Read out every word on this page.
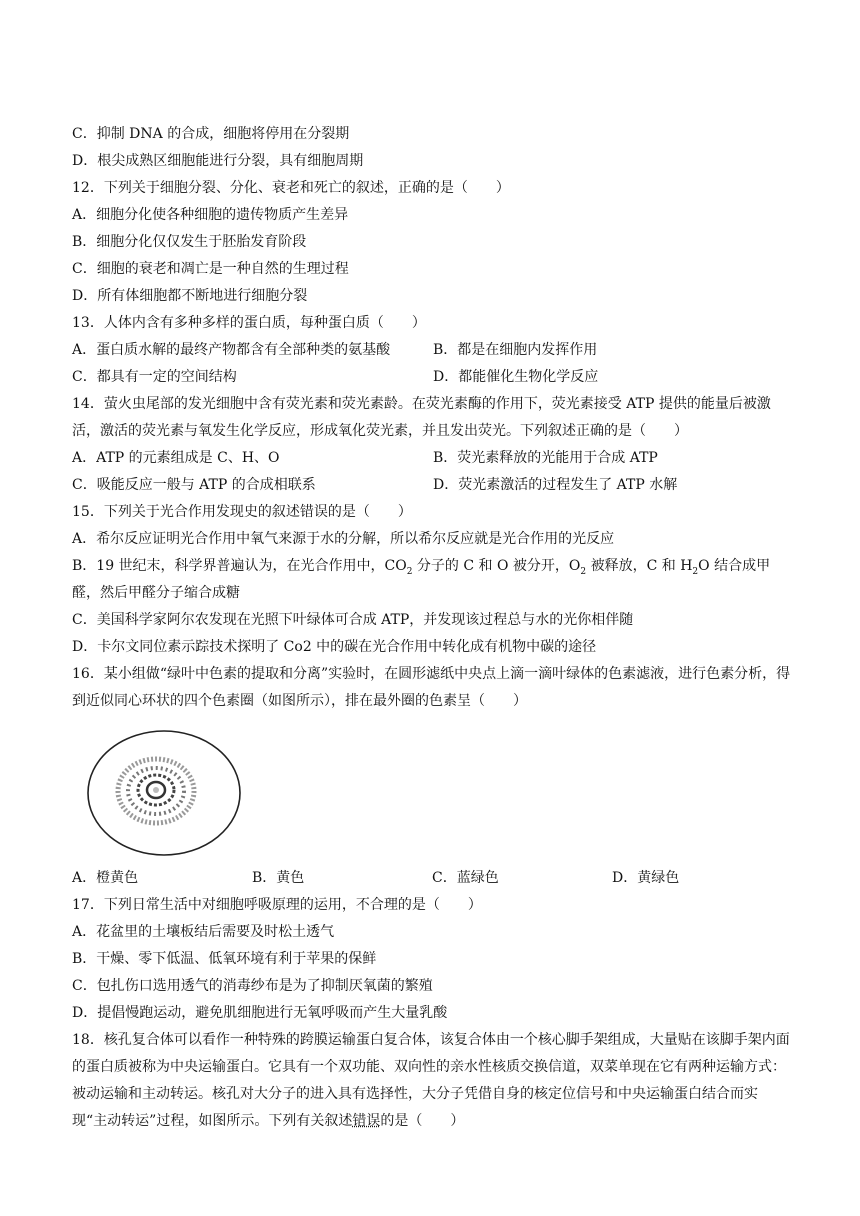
C．抑制 DNA 的合成，细胞将停用在分裂期
D．根尖成熟区细胞能进行分裂，具有细胞周期
12．下列关于细胞分裂、分化、衰老和死亡的叙述，正确的是（　　）
A．细胞分化使各种细胞的遗传物质产生差异
B．细胞分化仅仅发生于胚胎发育阶段
C．细胞的衰老和凋亡是一种自然的生理过程
D．所有体细胞都不断地进行细胞分裂
13．人体内含有多种多样的蛋白质，每种蛋白质（　　）
A．蛋白质水解的最终产物都含有全部种类的氨基酸	B．都是在细胞内发挥作用
C．都具有一定的空间结构	D．都能催化生物化学反应
14．萤火虫尾部的发光细胞中含有荧光素和荧光素龄。在荧光素酶的作用下，荧光素接受 ATP 提供的能量后被激活，激活的荧光素与氧发生化学反应，形成氧化荧光素，并且发出荧光。下列叙述正确的是（　　）
A．ATP 的元素组成是 C、H、O	B．荧光素释放的光能用于合成 ATP
C．吸能反应一般与 ATP 的合成相联系	D．荧光素激活的过程发生了 ATP 水解
15．下列关于光合作用发现史的叙述错误的是（　　）
A．希尔反应证明光合作用中氧气来源于水的分解，所以希尔反应就是光合作用的光反应
B．19 世纪末，科学界普遍认为，在光合作用中，$CO_2$ 分子的 C 和 O 被分开，$O_2$ 被释放，C 和 $H_2O$ 结合成甲醛，然后甲醛分子缩合成糖
C．美国科学家阿尔农发现在光照下叶绿体可合成 ATP，并发现该过程总与水的光你相伴随
D．卡尔文同位素示踪技术探明了 Co2 中的碳在光合作用中转化成有机物中碳的途径
16．某小组做“绿叶中色素的提取和分离”实验时，在圆形滤纸中央点上滴一滴叶绿体的色素滤液，进行色素分析，得到近似同心环状的四个色素圈（如图所示），排在最外圈的色素呈（　　）
A．橙黄色	B．黄色	C．蓝绿色	D．黄绿色
17．下列日常生活中对细胞呼吸原理的运用，不合理的是（　　）
A．花盆里的土壤板结后需要及时松土透气
B．干燥、零下低温、低氧环境有利于苹果的保鲜
C．包扎伤口选用透气的消毒纱布是为了抑制厌氧菌的繁殖
D．提倡慢跑运动，避免肌细胞进行无氧呼吸而产生大量乳酸
18．核孔复合体可以看作一种特殊的跨膜运输蛋白复合体，该复合体由一个核心脚手架组成，大量贴在该脚手架内面的蛋白质被称为中央运输蛋白。它具有一个双功能、双向性的亲水性核质交换信道，双菜单现在它有两种运输方式：被动运输和主动转运。核孔对大分子的进入具有选择性，大分子凭借自身的核定位信号和中央运输蛋白结合而实现“主动转运”过程，如图所示。下列有关叙述错误的是（　　）
